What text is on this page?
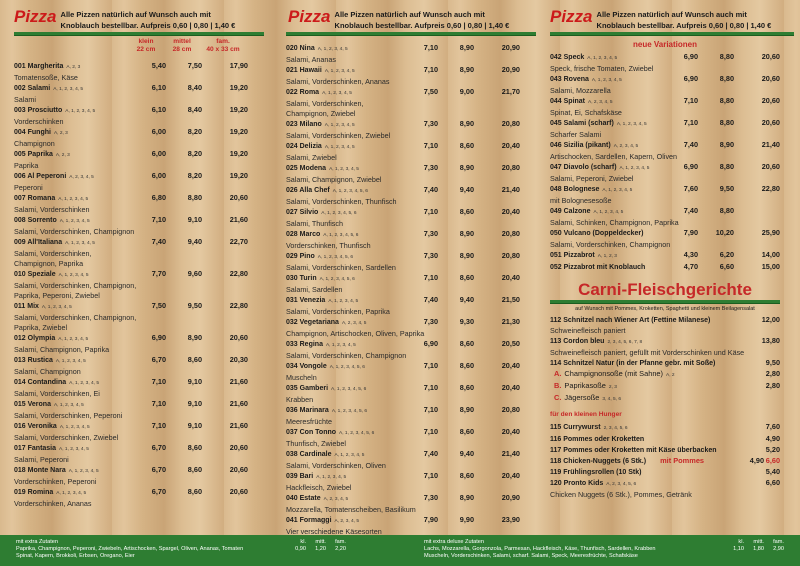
Pizza Alle Pizzen natürlich auf Wunsch auch mit
Knoblauch bestellbar. Aufpreis 0,60 | 0,80 | 1,40 €
klein
22 cm
mittel
28 cm
fam.
40 x 33 cm
001 Margherita A, 2, 3	5,40	7,50	17,90
Tomatensoße, Käse
002 Salami A, 1, 2, 3, 4, 5	6,10	8,40	19,20
Salami
003 Prosciutto A, 1, 2, 3, 4, 5	6,10	8,40	19,20
Vorderschinken
004 Funghi A, 2, 3	6,00	8,20	19,20
Champignon
005 Paprika A, 2, 3	6,00	8,20	19,20
Paprika
006 Al Peperoni A, 2, 3, 4, 5	6,00	8,20	19,20
Peperoni
007 Romana A, 1, 2, 3, 4, 5	6,80	8,80	20,60
Salami, Vorderschinken
008 Sorrento A, 1, 2, 3, 4, 5	7,10	9,10	21,60
Salami, Vorderschinken, Champignon
009 All'Italiana A, 1, 2, 3, 4, 5	7,40	9,40	22,70
Salami, Vorderschinken,
Champignon, Paprika
010 Speziale A, 1, 2, 3, 4, 5	7,70	9,60	22,80
Salami, Vorderschinken, Champignon,
Paprika, Peperoni, Zwiebel
011 Mix A, 1, 2, 3, 4, 5	7,50	9,50	22,80
Salami, Vorderschinken, Champignon,
Paprika, Zwiebel
012 Olympia A, 1, 2, 3, 4, 5	6,90	8,90	20,60
Salami, Champignon, Paprika
013 Rustica A, 1, 2, 3, 4, 5	6,70	8,60	20,30
Salami, Champignon
014 Contandina A, 1, 2, 3, 4, 5	7,10	9,10	21,60
Salami, Vorderschinken, Ei
015 Verona A, 1, 2, 3, 4, 5	7,10	9,10	21,60
Salami, Vorderschinken, Peperoni
016 Veronika A, 1, 2, 3, 4, 5	7,10	9,10	21,60
Salami, Vorderschinken, Zwiebel
017 Fantasia A, 1, 2, 3, 4, 5	6,70	8,60	20,60
Salami, Peperoni
018 Monte Nara A, 1, 2, 3, 4, 5	6,70	8,60	20,60
Vorderschinken, Peperoni
019 Romina A, 1, 2, 3, 4, 5	6,70	8,60	20,60
Vorderschinken, Ananas
Pizza Alle Pizzen natürlich auf Wunsch auch mit
Knoblauch bestellbar. Aufpreis 0,60 | 0,80 | 1,40 €
020 Nina A, 1, 2, 3, 4, 5	7,10	8,90	20,90
Salami, Ananas
021 Hawaii A, 1, 2, 3, 4, 5	7,10	8,90	20,90
Salami, Vorderschinken, Ananas
022 Roma A, 1, 2, 3, 4, 5	7,50	9,00	21,70
Salami, Vorderschinken,
Champignon, Zwiebel
023 Milano A, 1, 2, 3, 4, 5	7,30	8,90	20,80
Salami, Vorderschinken, Zwiebel
024 Delizia A, 1, 2, 3, 4, 5	7,10	8,60	20,40
Salami, Zwiebel
025 Modena A, 1, 2, 3, 4, 5	7,30	8,90	20,80
Salami, Champignon, Zwiebel
026 Alla Chef A, 1, 2, 3, 4, 5, 6	7,40	9,40	21,40
Salami, Vorderschinken, Thunfisch
027 Silvio A, 1, 2, 3, 4, 5, 6	7,10	8,60	20,40
Salami, Thunfisch
028 Marco A, 1, 2, 3, 4, 5, 6	7,30	8,90	20,80
Vorderschinken, Thunfisch
029 Pino A, 1, 2, 3, 4, 5, 6	7,30	8,90	20,80
Salami, Vorderschinken, Sardellen
030 Turin A, 1, 2, 3, 4, 5, 6	7,10	8,60	20,40
Salami, Sardellen
031 Venezia A, 1, 2, 3, 4, 5	7,40	9,40	21,50
Salami, Vorderschinken, Paprika
032 Vegetariana A, 2, 3, 4, 5	7,30	9,30	21,30
Champignon, Artischocken, Oliven, Paprika
033 Regina A, 1, 2, 3, 4, 5	6,90	8,60	20,50
Salami, Vorderschinken, Champignon
034 Vongole A, 1, 2, 3, 4, 5, 6	7,10	8,60	20,40
Muscheln
035 Gamberi A, 1, 2, 3, 4, 5, 6	7,10	8,60	20,40
Krabben
036 Marinara A, 1, 2, 3, 4, 5, 6	7,10	8,90	20,80
Meeresfrüchte
037 Con Tonno A, 1, 2, 3, 4, 5, 6	7,10	8,60	20,40
Thunfisch, Zwiebel
038 Cardinale A, 1, 2, 3, 4, 5	7,40	9,40	21,40
Salami, Vorderschinken, Oliven
039 Bari A, 1, 2, 3, 4, 5	7,10	8,60	20,40
Hackfleisch, Zwiebel
040 Estate A, 2, 3, 4, 5	7,30	8,90	20,90
Mozzarella, Tomatenscheiben, Basilikum
041 Formaggi A, 2, 3, 4, 5	7,90	9,90	23,90
Vier verschiedene Käsesorten
Pizza Alle Pizzen natürlich auf Wunsch auch mit
Knoblauch bestellbar. Aufpreis 0,60 | 0,80 | 1,40 €
neue Variationen
042 Speck A, 1, 2, 3, 4, 5	6,90	8,80	20,60
Speck, frische Tomaten, Zwiebel
043 Rovena A, 1, 2, 3, 4, 5	6,90	8,80	20,60
Salami, Mozzarella
044 Spinat A, 2, 3, 4, 5	7,10	8,80	20,60
Spinat, Ei, Schafskäse
045 Salami (scharf) A, 1, 2, 3, 4, 5	7,10	8,80	20,60
Scharfer Salami
046 Sizilia (pikant) A, 2, 3, 4, 5	7,40	8,90	21,40
Artischocken, Sardellen, Kapern, Oliven
047 Diavolo (scharf) A, 1, 2, 3, 4, 5	6,90	8,80	20,60
Salami, Peperoni, Zwiebel
048 Bolognese A, 1, 2, 3, 4, 5	7,60	9,50	22,80
mit Bolognesesoße
049 Calzone A, 1, 2, 3, 4, 5	7,40	8,80
Salami, Schinken, Champignon, Paprika
050 Vulcano (Doppeldecker)	7,90	10,20	25,90
Salami, Vorderschinken, Champignon
051 Pizzabrot A, 1, 2, 3	4,30	6,20	14,00
052 Pizzabrot mit Knoblauch	4,70	6,60	15,00
Carni-Fleischgerichte
auf Wunsch mit Pommes, Kroketten, Spaghetti und kleinem Beilagensalat
112 Schnitzel nach Wiener Art (Fettine Milanese)	12,00
Schweinefleisch paniert
113 Cordon bleu 2, 3, 4, 5, 6, 7, 8	13,80
Schweinefleisch paniert, gefüllt mit Vorderschinken und Käse
114 Schnitzel Natur (in der Pfanne gebr. mit Soße)	9,50
A. Champignonsoße (mit Sahne) A, 2	2,80
B. Paprikasoße 2, 3	2,80
C. Jägersoße 3, 4, 5, 6
für den kleinen Hunger
115 Currywurst 2, 3, 4, 5, 6	7,60
116 Pommes oder Kroketten	4,90
117 Pommes oder Kroketten mit Käse überbacken	5,20
118 Chicken-Nuggets (6 Stk.) mit Pommes	4,90 6,60
119 Frühlingsrollen (10 Stk)	5,40
120 Pronto Kids A, 2, 3, 4, 5, 6	6,60
Chicken Nuggets (6 Stk.), Pommes, Getränk
mit extra Zutaten	kl.	mitt.	fam.
Paprika, Champignon, Peperoni, Zwiebeln, Artischocken, Spargel, Oliven, Ananas, Tomaten	0,90	1,20	2,20
Spinat, Kapern, Brokkoli, Erbsen, Oregano, Eier
mit extra deluxe Zutaten	kl.	mitt.	fam.
Lachs, Mozzarella, Gorgonzola, Parmesan, Hackfleisch, Käse, Thunfisch, Sardellen, Krabben	1,10	1,80	2,90
Muscheln, Vorderschinken, Salami, scharf. Salami, Speck, Meeresfrüchte, Schafskäse
